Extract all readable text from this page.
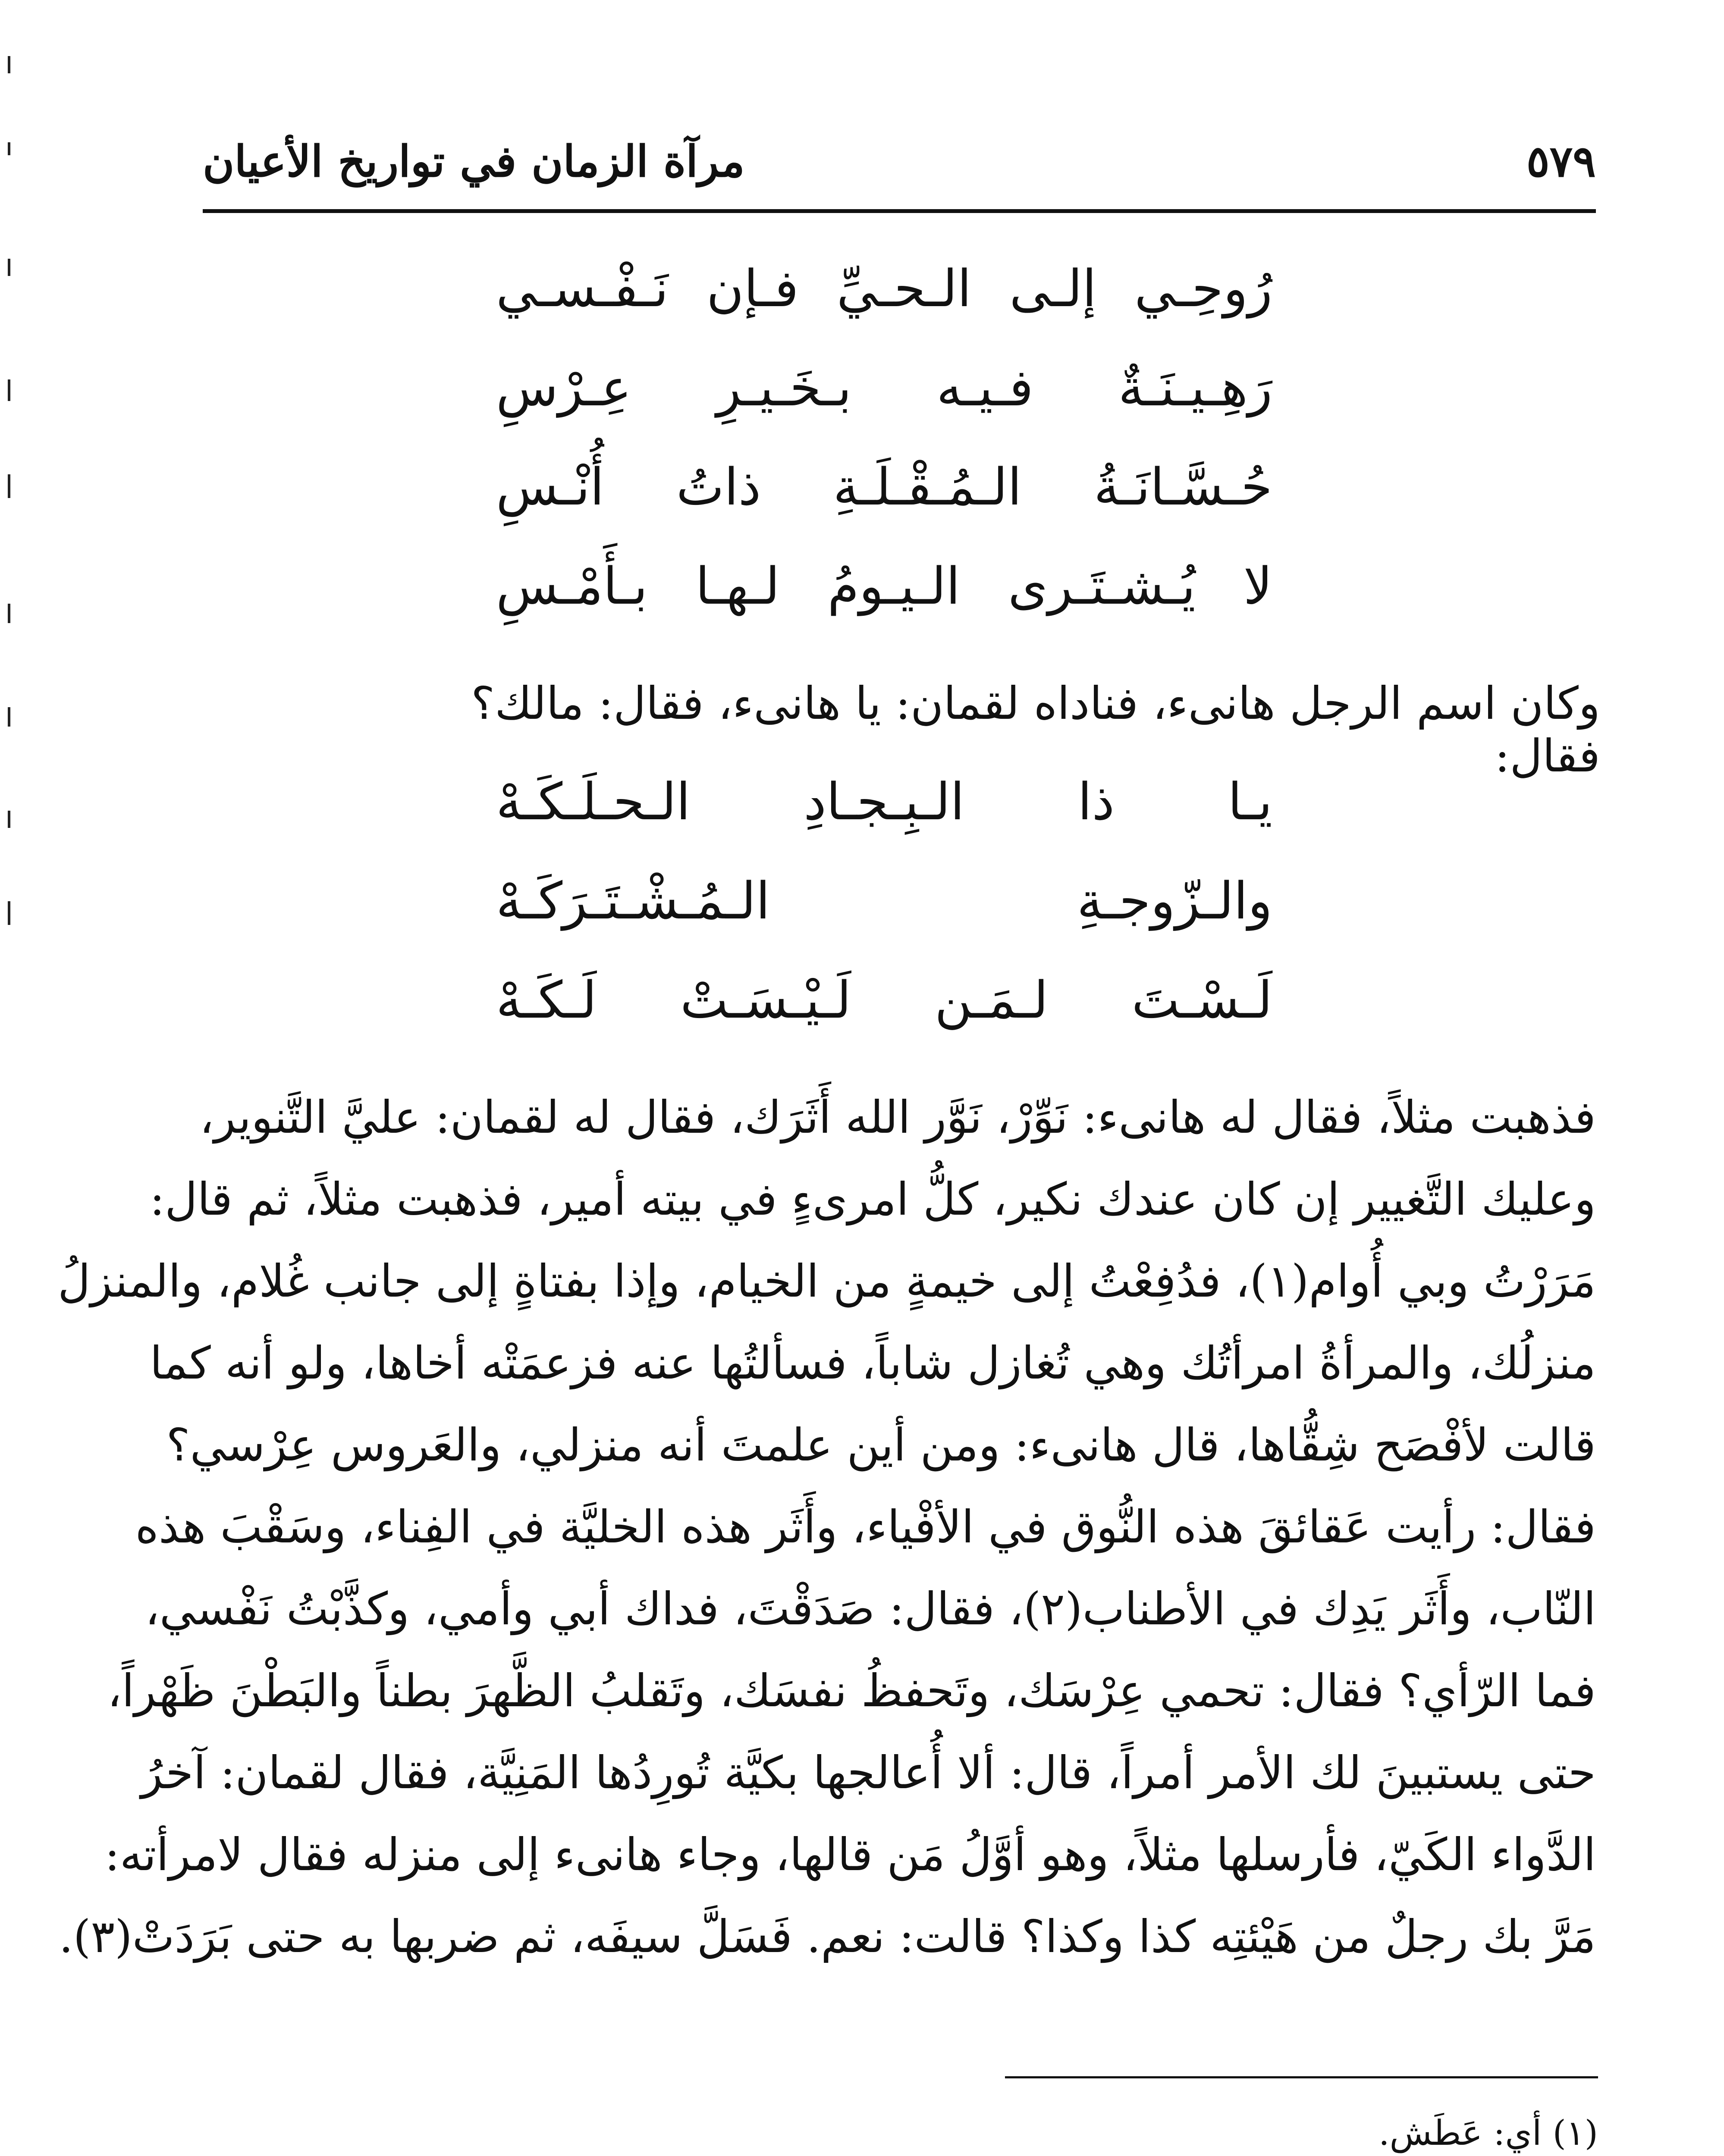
٥٧٩
مرآة الزمان في تواريخ الأعيان
رُوحِـي إلـى الـحـيِّ فـإن نَـفْـسـي
رَهِـيـنَـةٌ فـيـه بـخَـيـرِ عِـرْسِ
حُـسَّـانَـةُ الـمُـقْـلَـةِ ذاتُ أُنْـسِ
لا يُـشـتَـرى الـيـومُ لـهـا بـأَمْـسِ
وكان اسم الرجل هانىء، فناداه لقمان: يا هانىء، فقال: مالك؟ فقال:
يـا ذا الـبِـجـادِ الـحـلَـكَـهْ
والـزّوجـةِ الـمُـشْـتَـرَكَـهْ
لَـسْـتَ لـمَـن لَـيْـسَـتْ لَـكَـهْ
فذهبت مثلاً، فقال له هانىء: نَوِّرْ، نَوَّر الله أَثَرَك، فقال له لقمان: عليَّ التَّنوير،
وعليك التَّغيير إن كان عندك نكير، كلُّ امرىءٍ في بيته أمير، فذهبت مثلاً، ثم قال:
مَرَرْتُ وبي أُوام(١)، فدُفِعْتُ إلى خيمةٍ من الخيام، وإذا بفتاةٍ إلى جانب غُلام، والمنزلُ
منزلُك، والمرأةُ امرأتُك وهي تُغازل شاباً، فسألتُها عنه فزعمَتْه أخاها، ولو أنه كما
قالت لأفْصَح شِقُّاها، قال هانىء: ومن أين علمتَ أنه منزلي، والعَروس عِرْسي؟
فقال: رأيت عَقائقَ هذه النُّوق في الأفْياء، وأَثَر هذه الخليَّة في الفِناء، وسَقْبَ هذه
النّاب، وأَثَر يَدِك في الأطناب(٢)، فقال: صَدَقْتَ، فداك أبي وأمي، وكذَّبْتُ نَفْسي،
فما الرّأي؟ فقال: تحمي عِرْسَك، وتَحفظُ نفسَك، وتَقلبُ الظَّهرَ بطناً والبَطْنَ ظَهْراً،
حتى يستبينَ لك الأمر أمراً، قال: ألا أُعالجها بكيَّة تُورِدُها المَنِيَّة، فقال لقمان: آخرُ
الدَّواء الكَيّ، فأرسلها مثلاً، وهو أوَّلُ مَن قالها، وجاء هانىء إلى منزله فقال لامرأته:
مَرَّ بك رجلٌ من هَيْئتِه كذا وكذا؟ قالت: نعم. فَسَلَّ سيفَه، ثم ضربها به حتى بَرَدَتْ(٣).
(١) أي: عَطَش.
